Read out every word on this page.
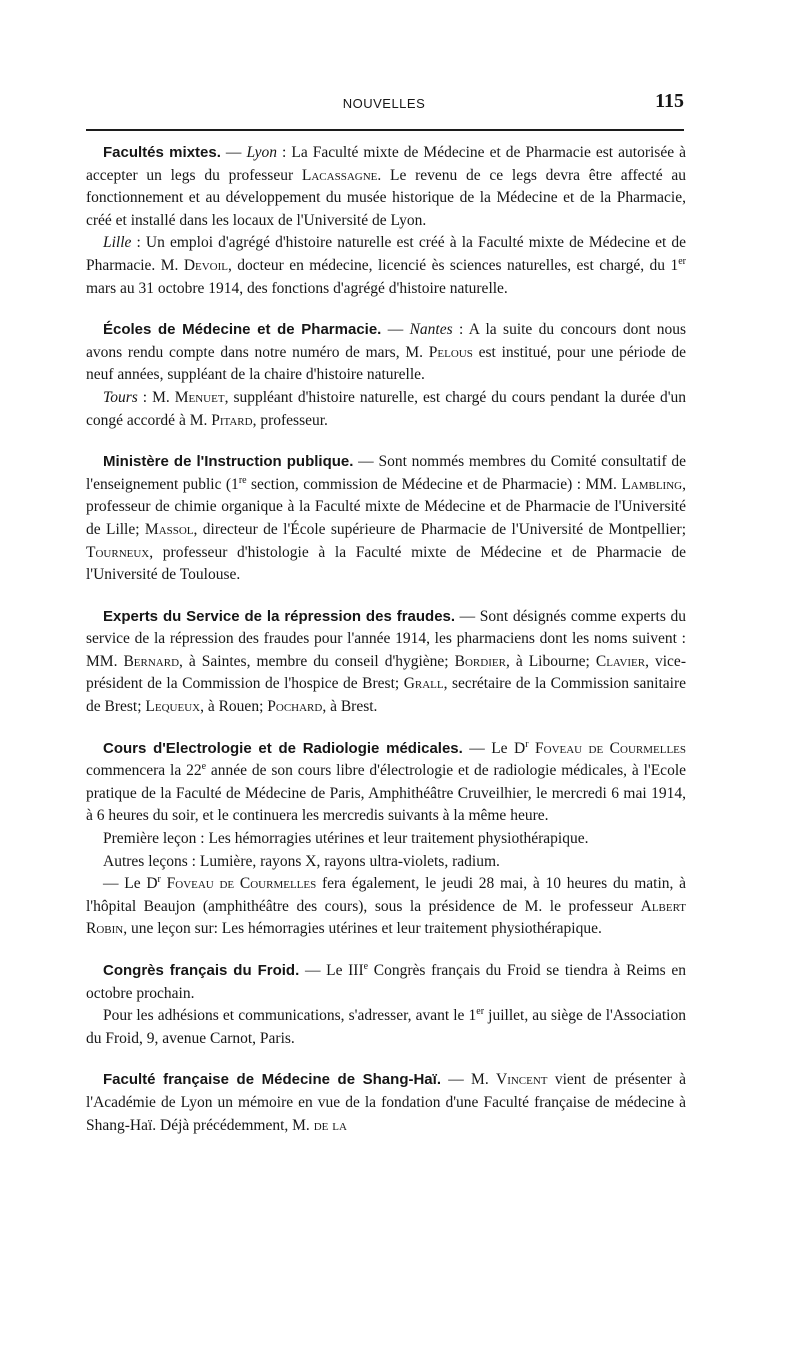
NOUVELLES	115

Facultés mixtes. — Lyon : La Faculté mixte de Médecine et de Pharmacie est autorisée à accepter un legs du professeur Lacassagne. Le revenu de ce legs devra être affecté au fonctionnement et au développement du musée historique de la Médecine et de la Pharmacie, créé et installé dans les locaux de l'Université de Lyon.

Lille : Un emploi d'agrégé d'histoire naturelle est créé à la Faculté mixte de Médecine et de Pharmacie. M. Devoil, docteur en médecine, licencié ès sciences naturelles, est chargé, du 1er mars au 31 octobre 1914, des fonctions d'agrégé d'histoire naturelle.

Écoles de Médecine et de Pharmacie. — Nantes : A la suite du concours dont nous avons rendu compte dans notre numéro de mars, M. Pelous est institué, pour une période de neuf années, suppléant de la chaire d'histoire naturelle.

Tours : M. Menuet, suppléant d'histoire naturelle, est chargé du cours pendant la durée d'un congé accordé à M. Pitard, professeur.

Ministère de l'Instruction publique. — Sont nommés membres du Comité consultatif de l'enseignement public (1re section, commission de Médecine et de Pharmacie) : MM. Lambling, professeur de chimie organique à la Faculté mixte de Médecine et de Pharmacie de l'Université de Lille; Massol, directeur de l'École supérieure de Pharmacie de l'Université de Montpellier; Tourneux, professeur d'histologie à la Faculté mixte de Médecine et de Pharmacie de l'Université de Toulouse.

Experts du Service de la répression des fraudes. — Sont désignés comme experts du service de la répression des fraudes pour l'année 1914, les pharmaciens dont les noms suivent : MM. Bernard, à Saintes, membre du conseil d'hygiène; Bordier, à Libourne; Clavier, vice-président de la Commission de l'hospice de Brest; Grall, secrétaire de la Commission sanitaire de Brest; Lequeux, à Rouen; Pochard, à Brest.

Cours d'Electrologie et de Radiologie médicales. — Le $D^r$ Foveau de Courmelles commencera la 22e année de son cours libre d'électrologie et de radiologie médicales, à l'Ecole pratique de la Faculté de Médecine de Paris, Amphithéâtre Cruveilhier, le mercredi 6 mai 1914, à 6 heures du soir, et le continuera les mercredis suivants à la même heure.

Première leçon : Les hémorragies utérines et leur traitement physiothérapique.

Autres leçons : Lumière, rayons X, rayons ultra-violets, radium.

— Le $D^r$ Foveau de Courmelles fera également, le jeudi 28 mai, à 10 heures du matin, à l'hôpital Beaujon (amphithéâtre des cours), sous la présidence de M. le professeur Albert Robin, une leçon sur: Les hémorragies utérines et leur traitement physiothérapique.

Congrès français du Froid. — Le IIIe Congrès français du Froid se tiendra à Reims en octobre prochain.

Pour les adhésions et communications, s'adresser, avant le 1er juillet, au siège de l'Association du Froid, 9, avenue Carnot, Paris.

Faculté française de Médecine de Shang-Haï. — M. Vincent vient de présenter à l'Académie de Lyon un mémoire en vue de la fondation d'une Faculté française de médecine à Shang-Haï. Déjà précédemment, M. de la
